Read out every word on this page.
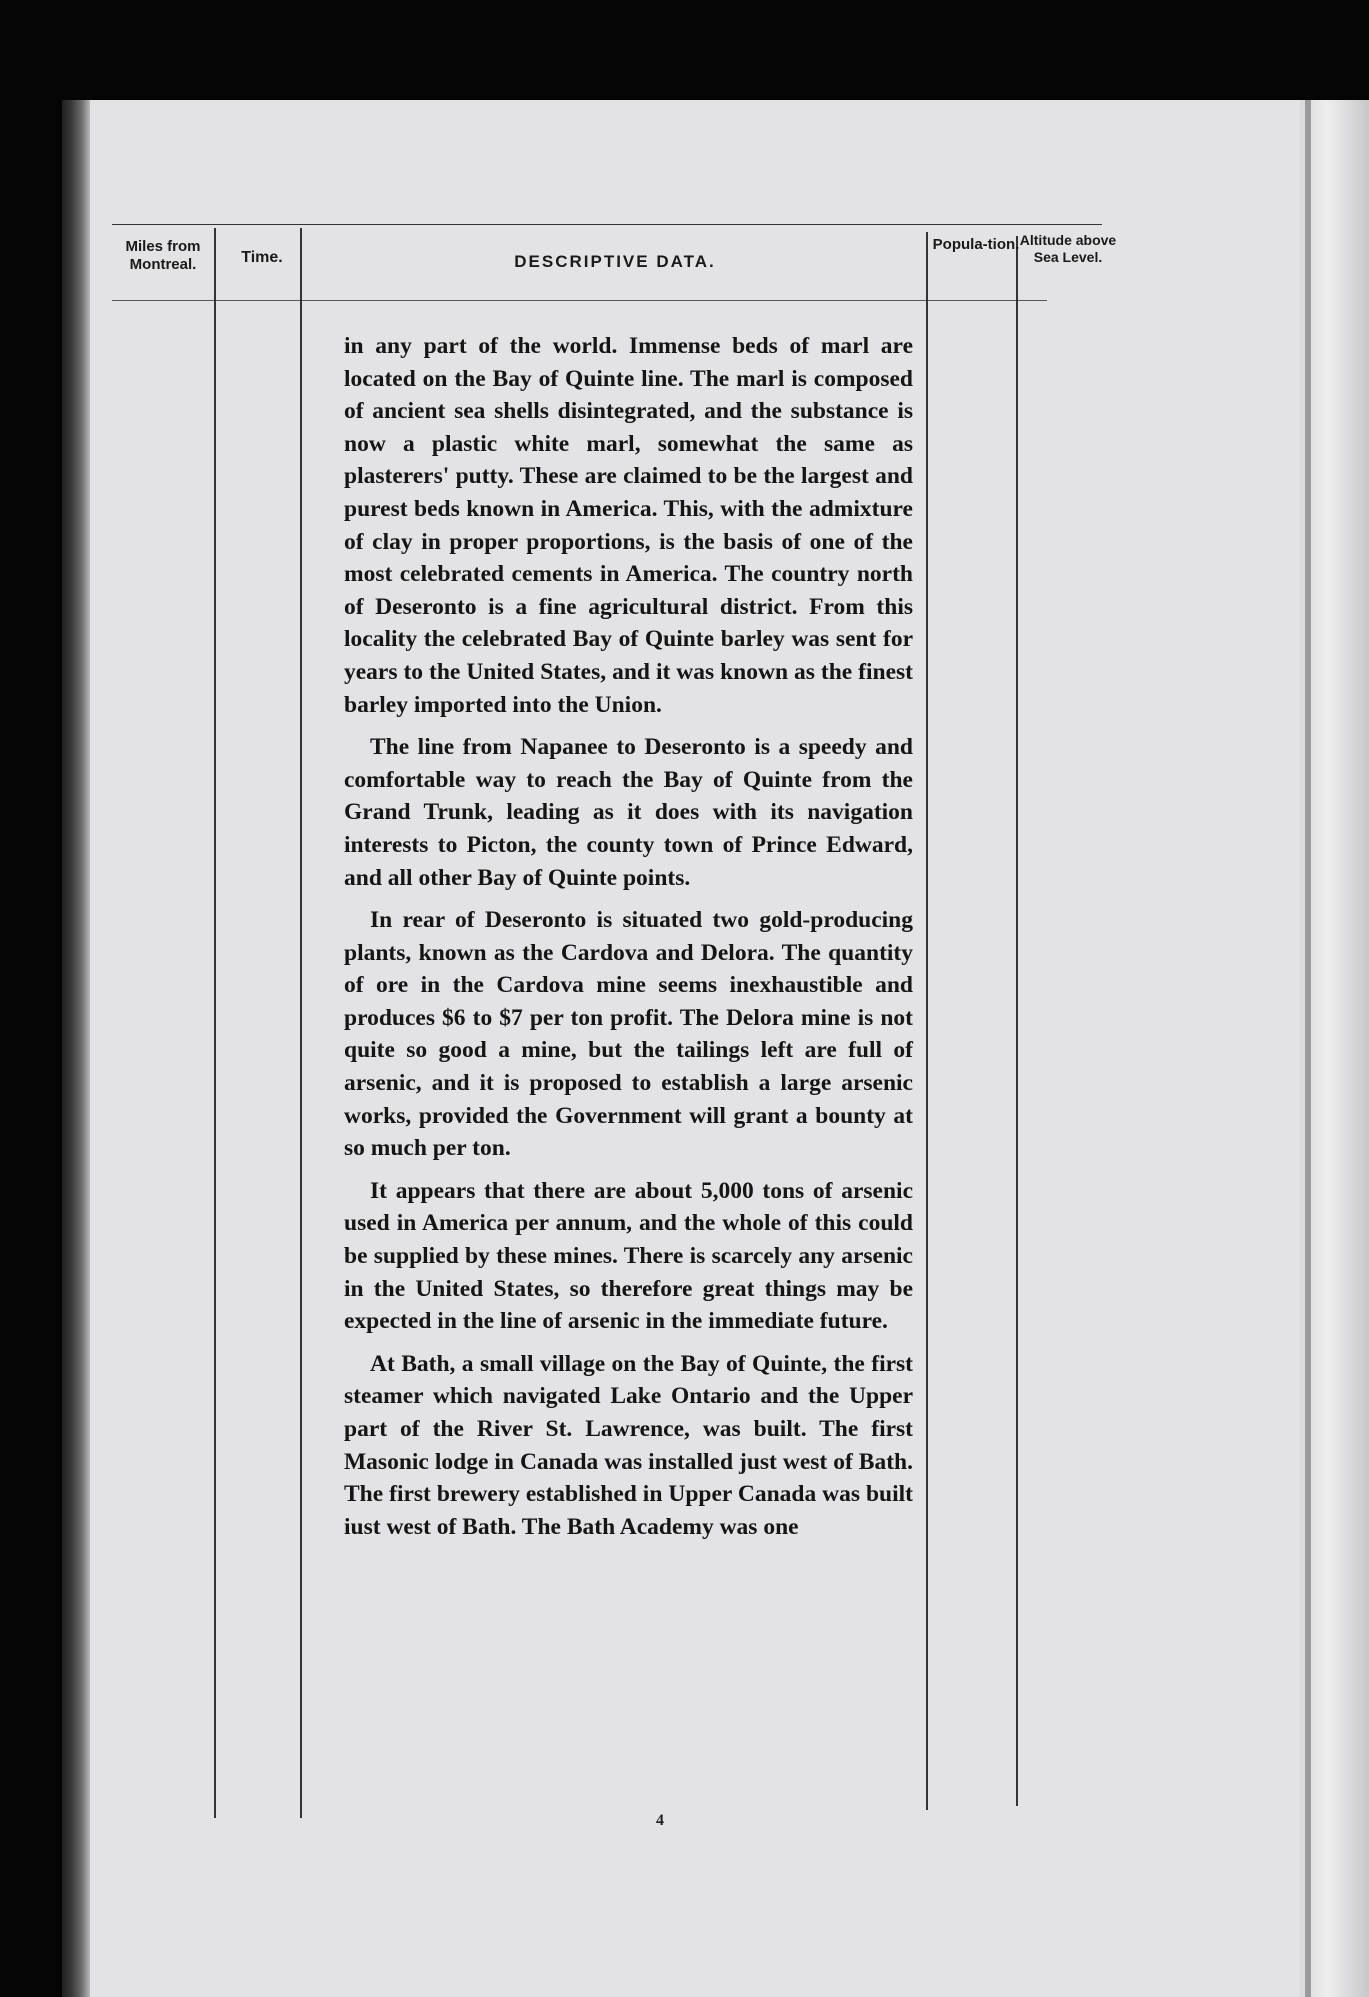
Miles from Montreal.	Time.	DESCRIPTIVE DATA.
Popula-tion. Altitude above Sea Level.

in any part of the world. Immense beds of marl are located on the Bay of Quinte line. The marl is composed of ancient sea shells disintegrated, and the substance is now a plastic white marl, somewhat the same as plasterers' putty. These are claimed to be the largest and purest beds known in America. This, with the admixture of clay in proper proportions, is the basis of one of the most celebrated cements in America. The country north of Deseronto is a fine agricultural district. From this locality the celebrated Bay of Quinte barley was sent for years to the United States, and it was known as the finest barley imported into the Union.

The line from Napanee to Deseronto is a speedy and comfortable way to reach the Bay of Quinte from the Grand Trunk, leading as it does with its navigation interests to Picton, the county town of Prince Edward, and all other Bay of Quinte points.

In rear of Deseronto is situated two gold-producing plants, known as the Cardova and Delora. The quantity of ore in the Cardova mine seems inexhaustible and produces $6 to $7 per ton profit. The Delora mine is not quite so good a mine, but the tailings left are full of arsenic, and it is proposed to establish a large arsenic works, provided the Government will grant a bounty at so much per ton.

It appears that there are about 5,000 tons of arsenic used in America per annum, and the whole of this could be supplied by these mines. There is scarcely any arsenic in the United States, so therefore great things may be expected in the line of arsenic in the immediate future.

At Bath, a small village on the Bay of Quinte, the first steamer which navigated Lake Ontario and the Upper part of the River St. Lawrence, was built. The first Masonic lodge in Canada was installed just west of Bath. The first brewery established in Upper Canada was built iust west of Bath. The Bath Academy was one

4
